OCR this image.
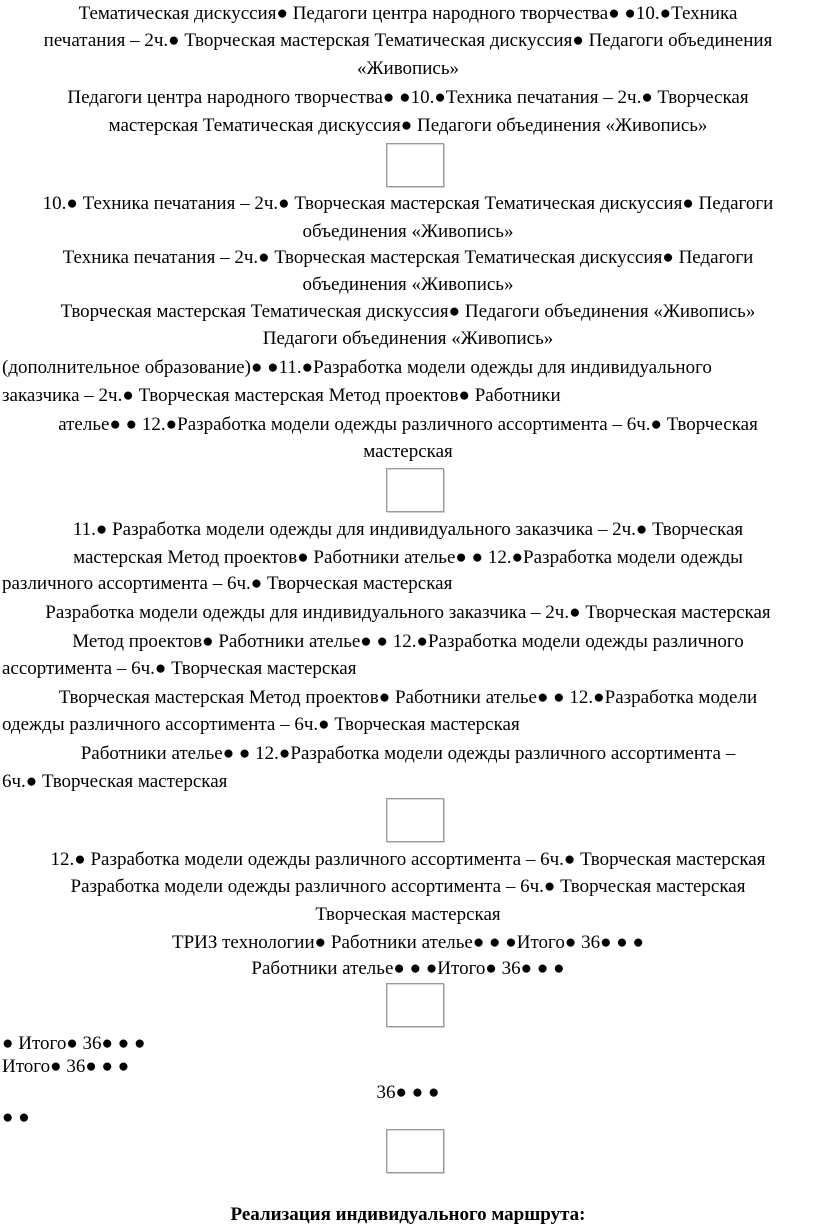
Тематическая дискуссия● Педагоги центра народного творчества● ●10.●Техника
печатания – 2ч.● Творческая мастерская Тематическая дискуссия● Педагоги объединения
«Живопись»
Педагоги центра народного творчества● ●10.●Техника печатания – 2ч.● Творческая
мастерская Тематическая дискуссия● Педагоги объединения «Живопись»
10.● Техника печатания – 2ч.● Творческая мастерская Тематическая дискуссия● Педагоги
объединения «Живопись»
Техника печатания – 2ч.● Творческая мастерская Тематическая дискуссия● Педагоги
объединения «Живопись»
Творческая мастерская Тематическая дискуссия● Педагоги объединения «Живопись»
Педагоги объединения «Живопись»
(дополнительное образование)● ●11.●Разработка модели одежды для индивидуального
заказчика – 2ч.● Творческая мастерская Метод проектов● Работники
ателье● ● 12.●Разработка модели одежды различного ассортимента – 6ч.● Творческая
мастерская
11.● Разработка модели одежды для индивидуального заказчика – 2ч.● Творческая
мастерская Метод проектов● Работники ателье● ● 12.●Разработка модели одежды
различного ассортимента – 6ч.● Творческая мастерская
Разработка модели одежды для индивидуального заказчика – 2ч.● Творческая мастерская
Метод проектов● Работники ателье● ● 12.●Разработка модели одежды различного
ассортимента – 6ч.● Творческая мастерская
Творческая мастерская Метод проектов● Работники ателье● ● 12.●Разработка модели
одежды различного ассортимента – 6ч.● Творческая мастерская
Работники ателье● ● 12.●Разработка модели одежды различного ассортимента –
6ч.● Творческая мастерская
12.● Разработка модели одежды различного ассортимента – 6ч.● Творческая мастерская
Разработка модели одежды различного ассортимента – 6ч.● Творческая мастерская
Творческая мастерская
ТРИЗ технологии● Работники ателье● ● ●Итого● 36● ● ●
Работники ателье● ● ●Итого● 36● ● ●
● Итого● 36● ● ●
Итого● 36● ● ●
36● ● ●
● ●
Реализация индивидуального маршрута:
